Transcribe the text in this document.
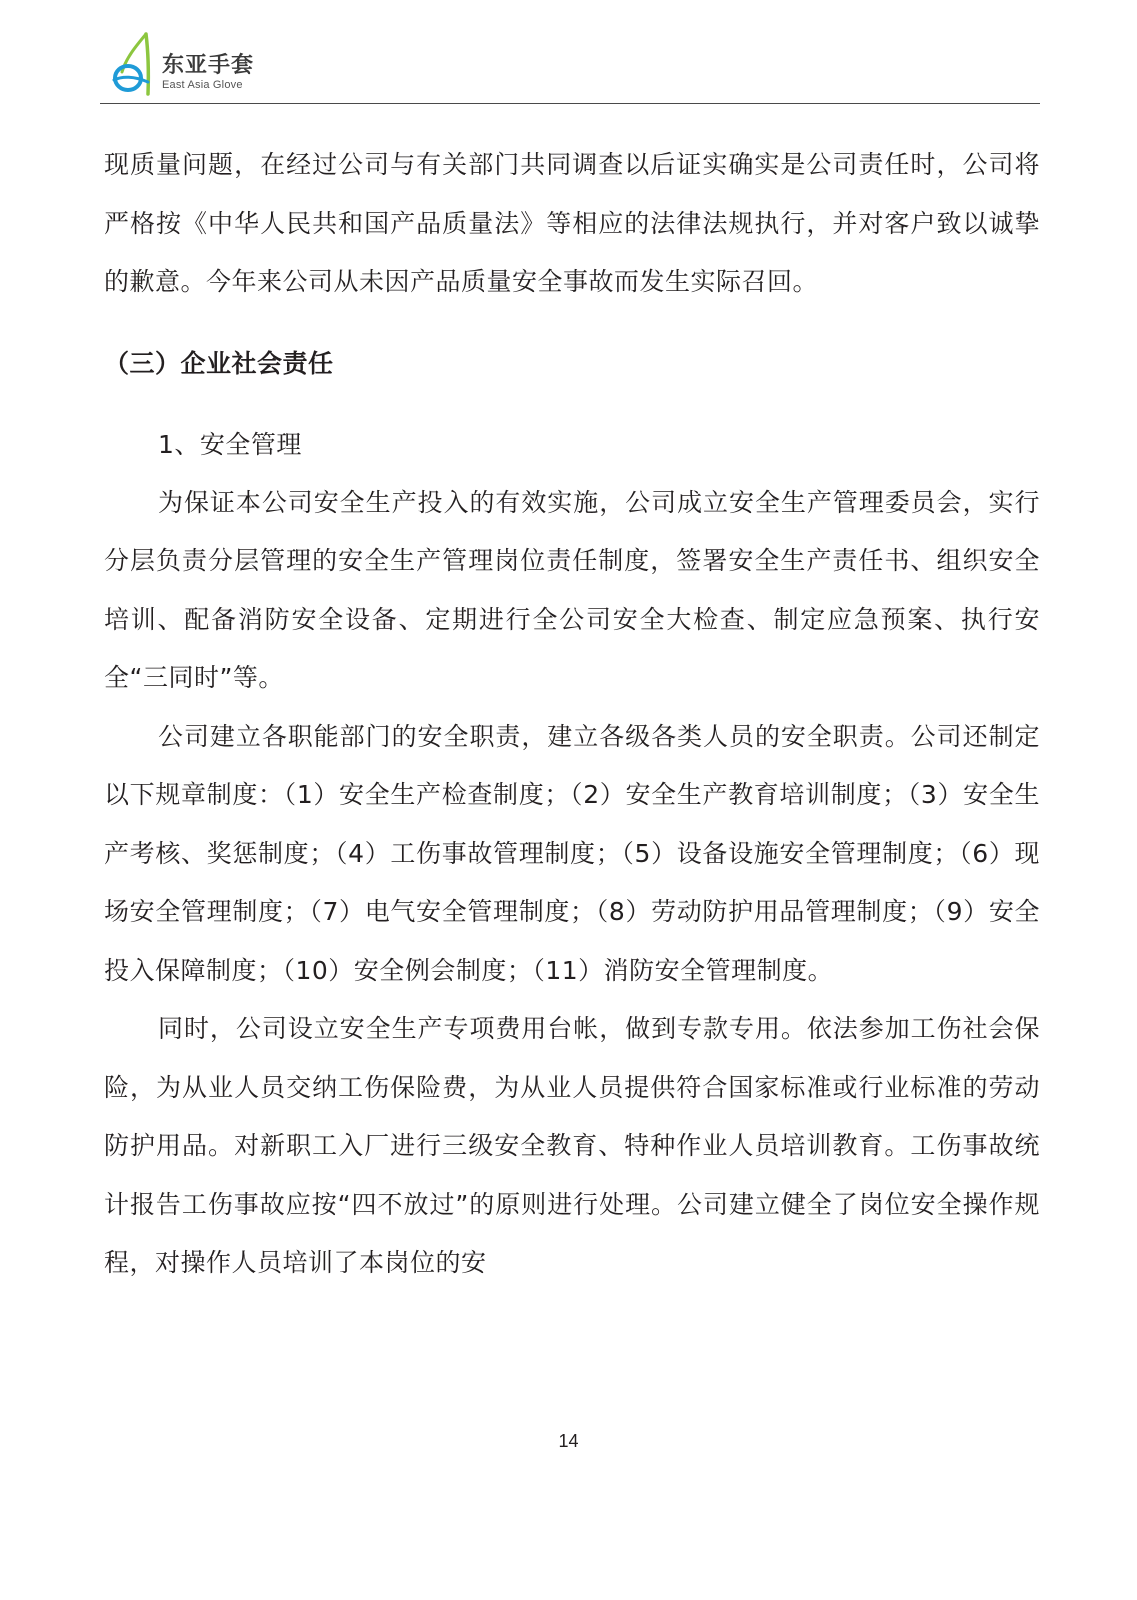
东亚手套
East Asia Glove

现质量问题，在经过公司与有关部门共同调查以后证实确实是公司责任时，公司将严格按《中华人民共和国产品质量法》等相应的法律法规执行，并对客户致以诚挚的歉意。今年来公司从未因产品质量安全事故而发生实际召回。

（三）企业社会责任

1、安全管理

为保证本公司安全生产投入的有效实施，公司成立安全生产管理委员会，实行分层负责分层管理的安全生产管理岗位责任制度，签署安全生产责任书、组织安全培训、配备消防安全设备、定期进行全公司安全大检查、制定应急预案、执行安全“三同时”等。

公司建立各职能部门的安全职责，建立各级各类人员的安全职责。公司还制定以下规章制度：（1）安全生产检查制度；（2）安全生产教育培训制度；（3）安全生产考核、奖惩制度；（4）工伤事故管理制度；（5）设备设施安全管理制度；（6）现场安全管理制度；（7）电气安全管理制度；（8）劳动防护用品管理制度；（9）安全投入保障制度；（10）安全例会制度；（11）消防安全管理制度。

同时，公司设立安全生产专项费用台帐，做到专款专用。依法参加工伤社会保险，为从业人员交纳工伤保险费，为从业人员提供符合国家标准或行业标准的劳动防护用品。对新职工入厂进行三级安全教育、特种作业人员培训教育。工伤事故统计报告工伤事故应按“四不放过”的原则进行处理。公司建立健全了岗位安全操作规程，对操作人员培训了本岗位的安

14
